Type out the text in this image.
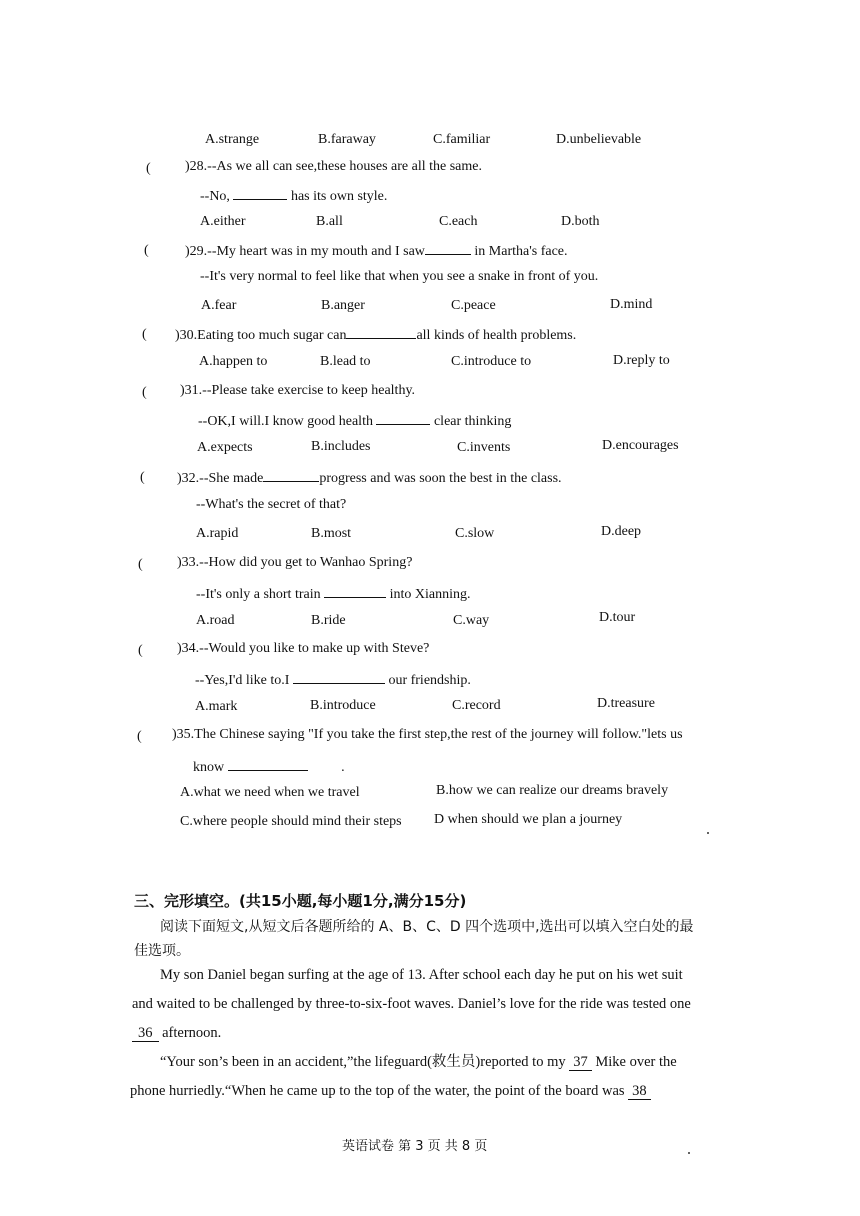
A.strange	B.faraway	C.familiar	D.unbelievable
( )28.--As we all can see,these houses are all the same.
--No,	has its own style.
A.either	B.all	C.each	D.both
(	)29.--My heart was in my mouth and I saw	in Martha's face.
--It's very normal to feel like that when you see a snake in front of you.
A.fear	B.anger	C.peace	D.mind
( )30.Eating too much sugar can	all kinds of health problems.
A.happen to	B.lead to	C.introduce to	D.reply to
( )31.--Please take exercise to keep healthy.
--OK,I will.I know good health	clear thinking
A.expects	B.includes	C.invents	D.encourages
( )32.--She made	progress and was soon the best in the class.
--What's the secret of that?
A.rapid	B.most	C.slow	D.deep
( )33.--How did you get to Wanhao Spring?
--It's only a short train	into Xianning.
A.road	B.ride	C.way	D.tour
( )34.--Would you like to make up with Steve?
--Yes,I'd like to.I	our friendship.
A.mark	B.introduce	C.record	D.treasure
( )35.The Chinese saying "If you take the first step,the rest of the journey will follow."lets us
know	.
A.what we need when we travel	B.how we can realize our dreams bravely
C.where people should mind their steps D when should we plan a journey
三、完形填空。(共15小题,每小题1分,满分15分)
阅读下面短文,从短文后各题所给的 A、B、C、D 四个选项中,选出可以填入空白处的最
佳选项。
My son Daniel began surfing at the age of 13. After school each day he put on his wet suit
and waited to be challenged by three-to-six-foot waves. Daniel’s love for the ride was tested one
36 afternoon.
“Your son’s been in an accident,”the lifeguard(救生员)reported to my 37 Mike over the
phone hurriedly.“When he came up to the top of the water, the point of the board was 38
英语试卷 第 3 页 共 8 页
